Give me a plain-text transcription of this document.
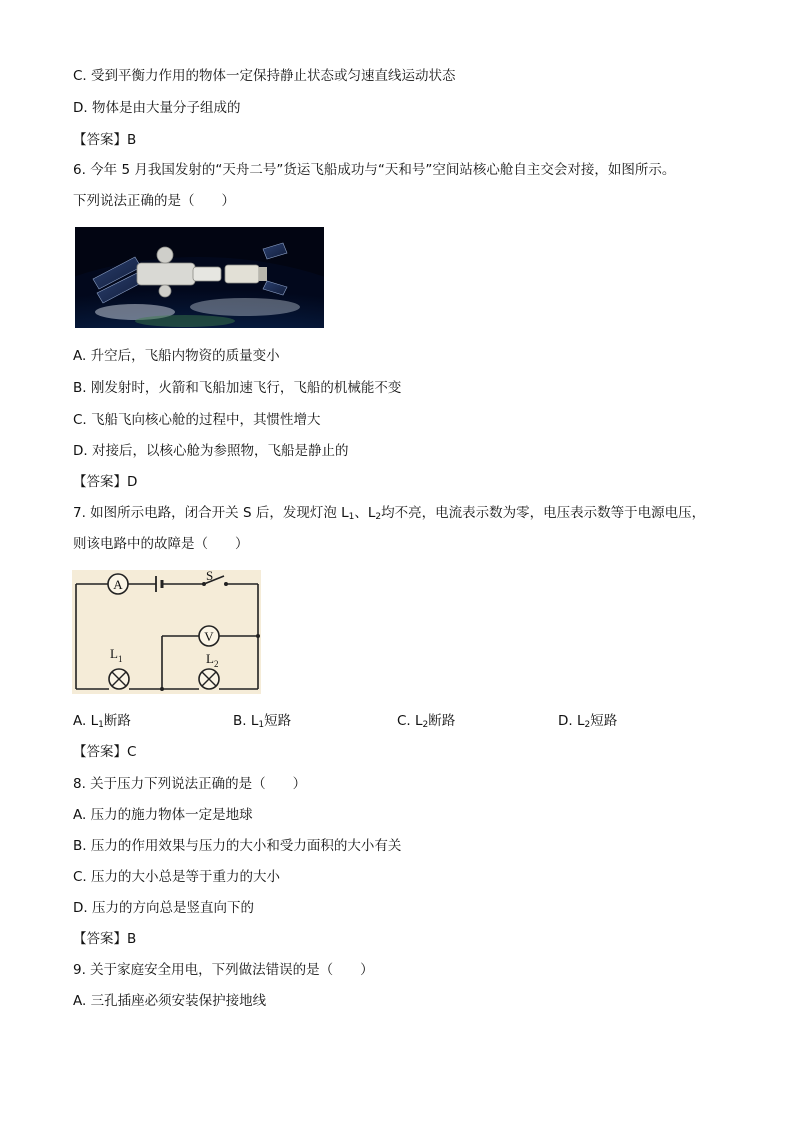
C. 受到平衡力作用的物体一定保持静止状态或匀速直线运动状态
D. 物体是由大量分子组成的
【答案】B
6. 今年 5 月我国发射的“天舟二号”货运飞船成功与“天和号”空间站核心舱自主交会对接，如图所示。
下列说法正确的是（　　）
A. 升空后，飞船内物资的质量变小
B. 刚发射时，火箭和飞船加速飞行，飞船的机械能不变
C. 飞船飞向核心舱的过程中，其惯性增大
D. 对接后，以核心舱为参照物，飞船是静止的
【答案】D
7. 如图所示电路，闭合开关 S 后，发现灯泡 $L_1$、$L_2$均不亮，电流表示数为零，电压表示数等于电源电压，
则该电路中的故障是（　　）
A
S
V
$L_1$	$L_2$
A. $L_1$断路	B. $L_1$短路	C. $L_2$断路	D. $L_2$短路
【答案】C
8. 关于压力下列说法正确的是（　　）
A. 压力的施力物体一定是地球
B. 压力的作用效果与压力的大小和受力面积的大小有关
C. 压力的大小总是等于重力的大小
D. 压力的方向总是竖直向下的
【答案】B
9. 关于家庭安全用电，下列做法错误的是（　　）
A. 三孔插座必须安装保护接地线
